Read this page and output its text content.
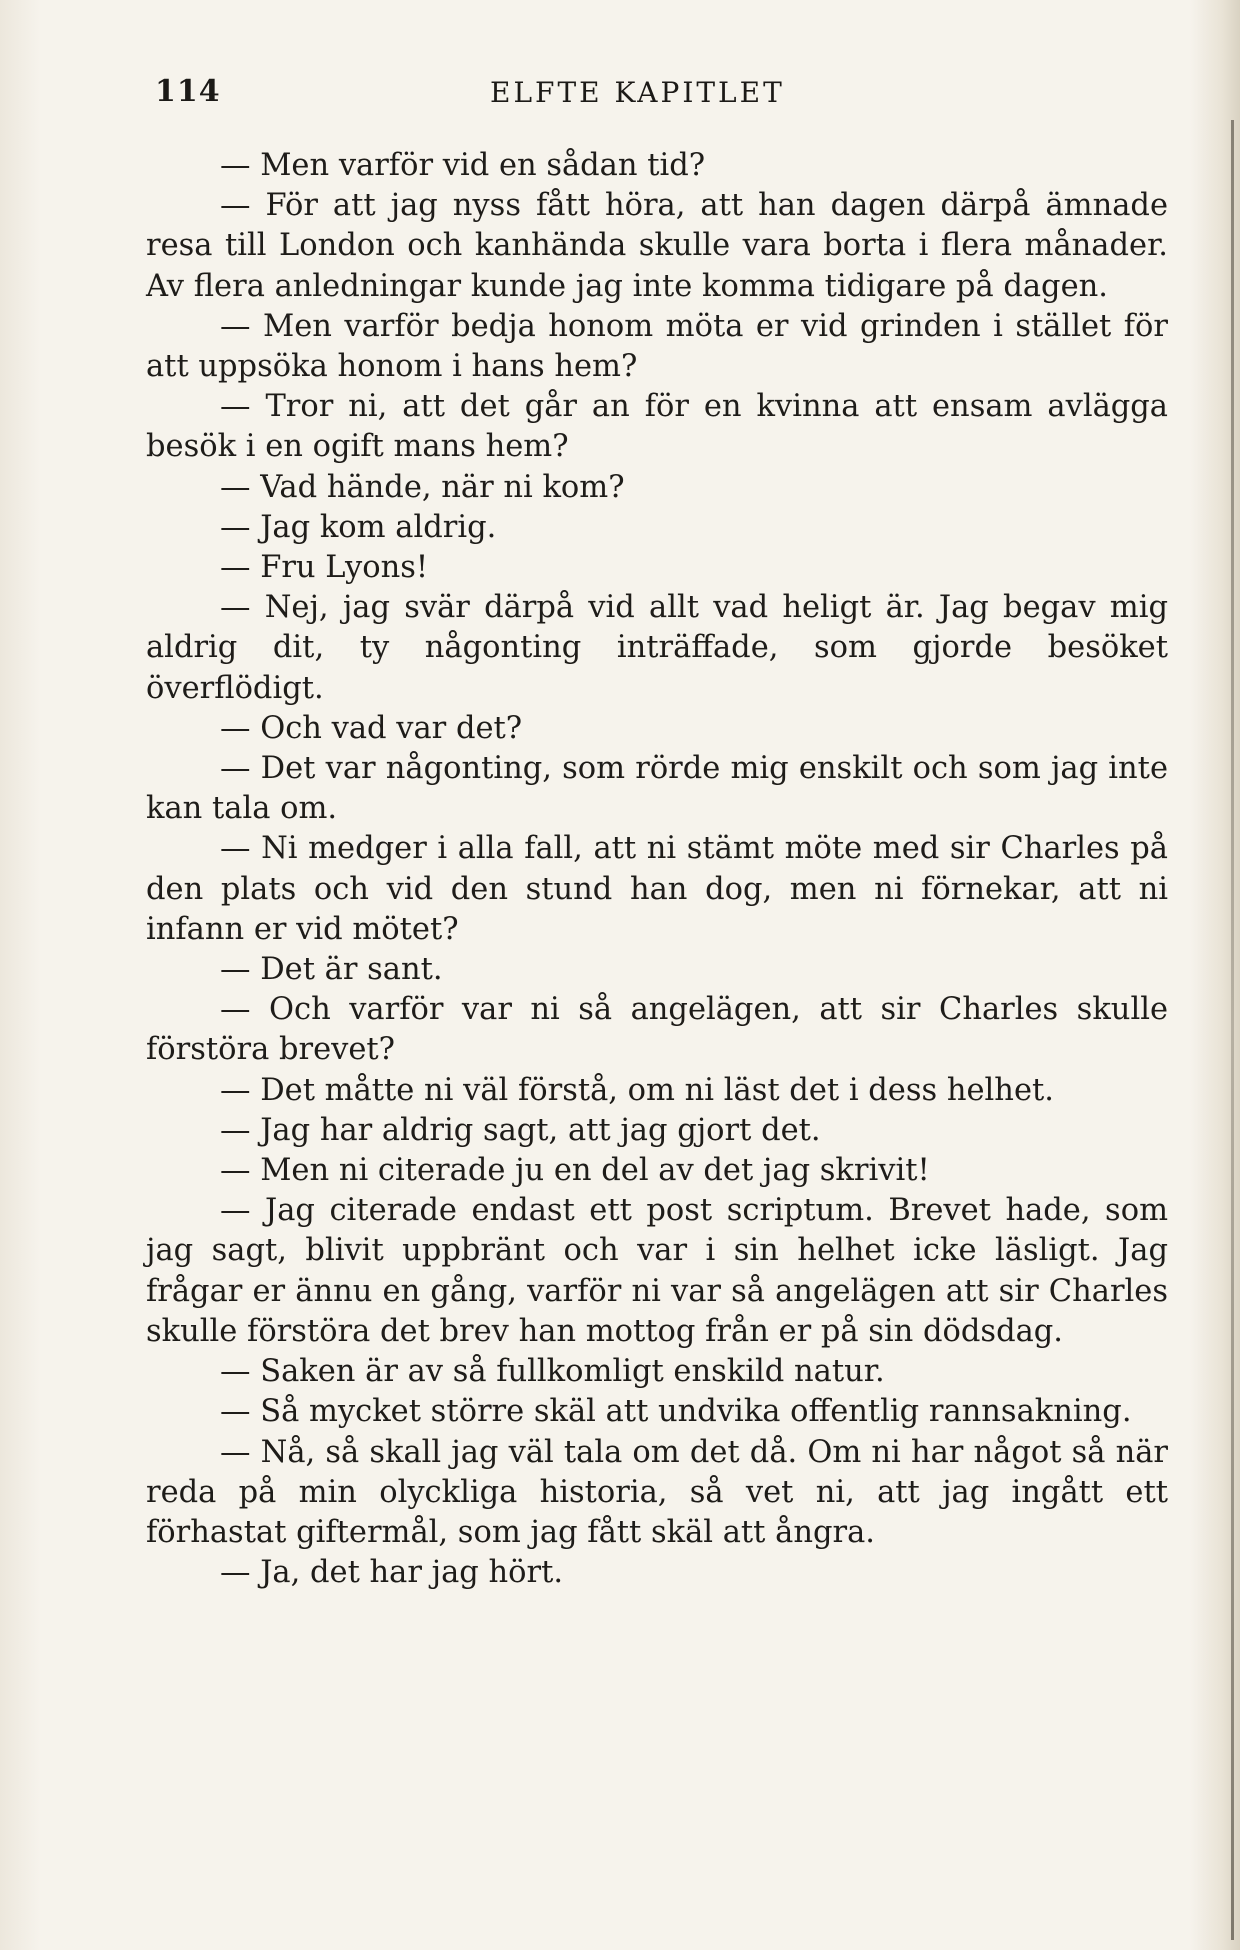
114	ELFTE KAPITLET

— Men varför vid en sådan tid?

— För att jag nyss fått höra, att han dagen därpå ämnade resa till London och kanhända skulle vara borta i flera månader. Av flera anledningar kunde jag inte komma tidigare på dagen.

— Men varför bedja honom möta er vid grinden i stället för att uppsöka honom i hans hem?

— Tror ni, att det går an för en kvinna att ensam avlägga besök i en ogift mans hem?

— Vad hände, när ni kom?

— Jag kom aldrig.

— Fru Lyons!

— Nej, jag svär därpå vid allt vad heligt är. Jag begav mig aldrig dit, ty någonting inträffade, som gjorde besöket överflödigt.

— Och vad var det?

— Det var någonting, som rörde mig enskilt och som jag inte kan tala om.

— Ni medger i alla fall, att ni stämt möte med sir Charles på den plats och vid den stund han dog, men ni förnekar, att ni infann er vid mötet?

— Det är sant.

— Och varför var ni så angelägen, att sir Charles skulle förstöra brevet?

— Det måtte ni väl förstå, om ni läst det i dess helhet.

— Jag har aldrig sagt, att jag gjort det.

— Men ni citerade ju en del av det jag skrivit!

— Jag citerade endast ett post scriptum. Brevet hade, som jag sagt, blivit uppbränt och var i sin helhet icke läsligt. Jag frågar er ännu en gång, varför ni var så angelägen att sir Charles skulle förstöra det brev han mottog från er på sin dödsdag.

— Saken är av så fullkomligt enskild natur.

— Så mycket större skäl att undvika offentlig rannsakning.

— Nå, så skall jag väl tala om det då. Om ni har något så när reda på min olyckliga historia, så vet ni, att jag ingått ett förhastat giftermål, som jag fått skäl att ångra.

— Ja, det har jag hört.
